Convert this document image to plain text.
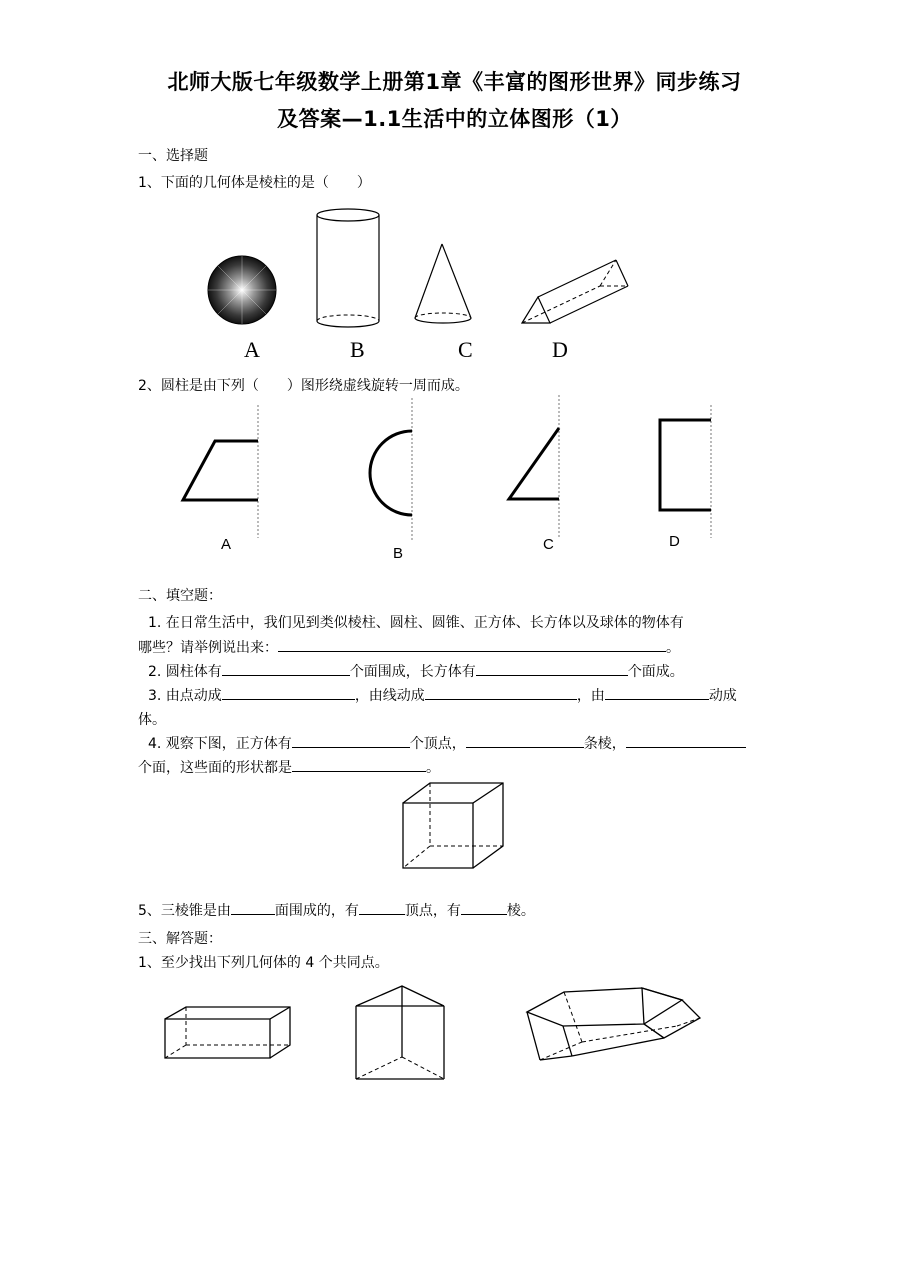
北师大版七年级数学上册第1章《丰富的图形世界》同步练习
及答案—1.1生活中的立体图形（1）
一、选择题
1、下面的几何体是棱柱的是（　　）
A	B	C	D
2、圆柱是由下列（　　）图形绕虚线旋转一周而成。
A
B
C	D
二、填空题：
1. 在日常生活中，我们见到类似棱柱、圆柱、圆锥、正方体、长方体以及球体的物体有
哪些？请举例说出来：	。
2. 圆柱体有	个面围成，长方体有	个面成。
3. 由点动成	，由线动成	，由	动成
体。
4. 观察下图，正方体有	个顶点，	条棱，
个面，这些面的形状都是	。
5、三棱锥是由	面围成的，有	顶点，有	棱。
三、解答题：
1、至少找出下列几何体的 4 个共同点。
